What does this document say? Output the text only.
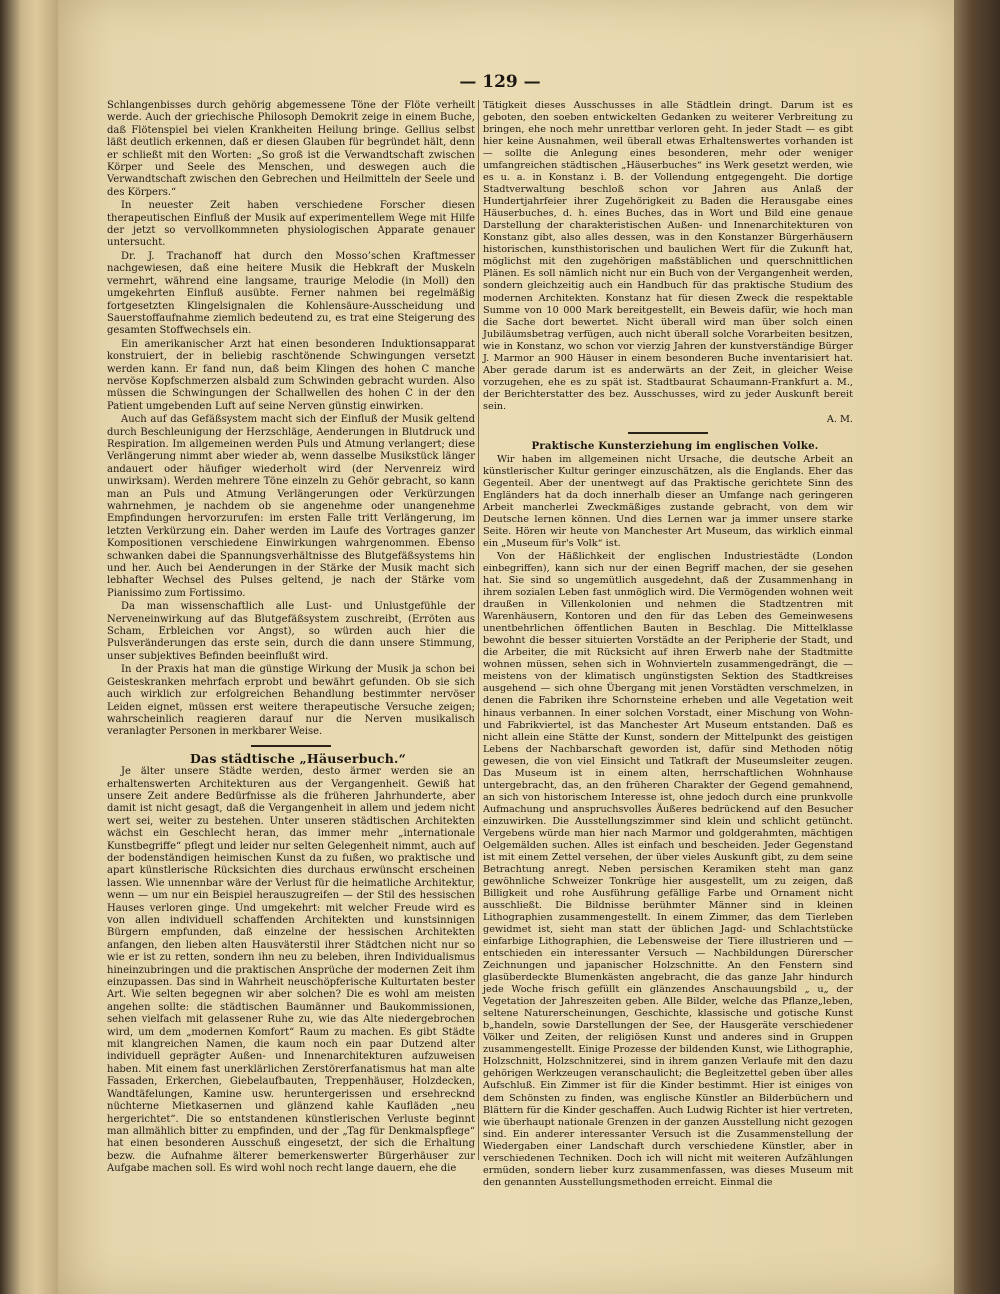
— 129 —

Schlangenbisses durch gehörig abgemessene Töne der Flöte verheilt werde. Auch der griechische Philosoph Demokrit zeige in einem Buche, daß Flötenspiel bei vielen Krankheiten Heilung bringe. Gellius selbst läßt deutlich erkennen, daß er diesen Glauben für begründet hält, denn er schließt mit den Worten: „So groß ist die Verwandtschaft zwischen Körper und Seele des Menschen, und deswegen auch die Verwandtschaft zwischen den Gebrechen und Heilmitteln der Seele und des Körpers.“

In neuester Zeit haben verschiedene Forscher diesen therapeutischen Einfluß der Musik auf experimentellem Wege mit Hilfe der jetzt so vervollkommneten physiologischen Apparate genauer untersucht.

Dr. J. Trachanoff hat durch den Mosso’schen Kraftmesser nachgewiesen, daß eine heitere Musik die Hebkraft der Muskeln vermehrt, während eine langsame, traurige Melodie (in Moll) den umgekehrten Einfluß ausübte. Ferner nahmen bei regelmäßig fortgesetzten Klingelsignalen die Kohlensäure-Ausscheidung und Sauerstoffaufnahme ziemlich bedeutend zu, es trat eine Steigerung des gesamten Stoffwechsels ein.

Ein amerikanischer Arzt hat einen besonderen Induktionsapparat konstruiert, der in beliebig raschtönende Schwingungen versetzt werden kann. Er fand nun, daß beim Klingen des hohen C manche nervöse Kopfschmerzen alsbald zum Schwinden gebracht wurden. Also müssen die Schwingungen der Schallwellen des hohen C in der den Patient umgebenden Luft auf seine Nerven günstig einwirken.

Auch auf das Gefäßsystem macht sich der Einfluß der Musik geltend durch Beschleunigung der Herzschläge, Aenderungen in Blutdruck und Respiration. Im allgemeinen werden Puls und Atmung verlangert; diese Verlängerung nimmt aber wieder ab, wenn dasselbe Musikstück länger andauert oder häufiger wiederholt wird (der Nervenreiz wird unwirksam). Werden mehrere Töne einzeln zu Gehör gebracht, so kann man an Puls und Atmung Verlängerungen oder Verkürzungen wahrnehmen, je nachdem ob sie angenehme oder unangenehme Empfindungen hervorzurufen: im ersten Falle tritt Verlängerung, im letzten Verkürzung ein. Daher werden im Laufe des Vortrages ganzer Kompositionen verschiedene Einwirkungen wahrgenommen. Ebenso schwanken dabei die Spannungsverhältnisse des Blutgefäßsystems hin und her. Auch bei Aenderungen in der Stärke der Musik macht sich lebhafter Wechsel des Pulses geltend, je nach der Stärke vom Pianissimo zum Fortissimo.

Da man wissenschaftlich alle Lust- und Unlustgefühle der Nerveneinwirkung auf das Blutgefäßsystem zuschreibt, (Erröten aus Scham, Erbleichen vor Angst), so würden auch hier die Pulsveränderungen das erste sein, durch die dann unsere Stimmung, unser subjektives Befinden beeinflußt wird.

In der Praxis hat man die günstige Wirkung der Musik ja schon bei Geisteskranken mehrfach erprobt und bewährt gefunden. Ob sie sich auch wirklich zur erfolgreichen Behandlung bestimmter nervöser Leiden eignet, müssen erst weitere therapeutische Versuche zeigen; wahrscheinlich reagieren darauf nur die Nerven musikalisch veranlagter Personen in merkbarer Weise.

Das städtische „Häuserbuch.“

Je älter unsere Städte werden, desto ärmer werden sie an erhaltenswerten Architekturen aus der Vergangenheit. Gewiß hat unsere Zeit andere Bedürfnisse als die früheren Jahrhunderte, aber damit ist nicht gesagt, daß die Vergangenheit in allem und jedem nicht wert sei, weiter zu bestehen. Unter unseren städtischen Architekten wächst ein Geschlecht heran, das immer mehr „internationale Kunstbegriffe“ pflegt und leider nur selten Gelegenheit nimmt, auch auf der bodenständigen heimischen Kunst da zu fußen, wo praktische und apart künstlerische Rücksichten dies durchaus erwünscht erscheinen lassen. Wie unnennbar wäre der Verlust für die heimatliche Architektur, wenn — um nur ein Beispiel herauszugreifen — der Stil des hessischen Hauses verloren ginge. Und umgekehrt: mit welcher Freude wird es von allen individuell schaffenden Architekten und kunstsinnigen Bürgern empfunden, daß einzelne der hessischen Architekten anfangen, den lieben alten Hausväterstil ihrer Städtchen nicht nur so wie er ist zu retten, sondern ihn neu zu beleben, ihren Individualismus hineinzubringen und die praktischen Ansprüche der modernen Zeit ihm einzupassen. Das sind in Wahrheit neuschöpferische Kulturtaten bester Art. Wie selten begegnen wir aber solchen? Die es wohl am meisten angehen sollte: die städtischen Baumänner und Baukommissionen, sehen vielfach mit gelassener Ruhe zu, wie das Alte niedergebrochen wird, um dem „modernen Komfort“ Raum zu machen. Es gibt Städte mit klangreichen Namen, die kaum noch ein paar Dutzend alter individuell geprägter Außen- und Innenarchitekturen aufzuweisen haben. Mit einem fast unerklärlichen Zerstörerfanatismus hat man alte Fassaden, Erkerchen, Giebelaufbauten, Treppenhäuser, Holzdecken, Wandtäfelungen, Kamine usw. heruntergerissen und ersehrecknd nüchterne Mietkasernen und glänzend kahle Kaufläden „neu hergerichtet“. Die so entstandenen künstlerischen Verluste beginnt man allmählich bitter zu empfinden, und der „Tag für Denkmalspflege“ hat einen besonderen Ausschuß eingesetzt, der sich die Erhaltung bezw. die Aufnahme älterer bemerkenswerter Bürgerhäuser zur Aufgabe machen soll. Es wird wohl noch recht lange dauern, ehe die

Tätigkeit dieses Ausschusses in alle Städtlein dringt. Darum ist es geboten, den soeben entwickelten Gedanken zu weiterer Verbreitung zu bringen, ehe noch mehr unrettbar verloren geht. In jeder Stadt — es gibt hier keine Ausnahmen, weil überall etwas Erhaltenswertes vorhanden ist — sollte die Anlegung eines besonderen, mehr oder weniger umfangreichen städtischen „Häuserbuches“ ins Werk gesetzt werden, wie es u. a. in Konstanz i. B. der Vollendung entgegengeht. Die dortige Stadtverwaltung beschloß schon vor Jahren aus Anlaß der Hundertjahrfeier ihrer Zugehörigkeit zu Baden die Herausgabe eines Häuserbuches, d. h. eines Buches, das in Wort und Bild eine genaue Darstellung der charakteristischen Außen- und Innenarchitekturen von Konstanz gibt, also alles dessen, was in den Konstanzer Bürgerhäusern historischen, kunsthistorischen und baulichen Wert für die Zukunft hat, möglichst mit den zugehörigen maßstäblichen und querschnittlichen Plänen. Es soll nämlich nicht nur ein Buch von der Vergangenheit werden, sondern gleichzeitig auch ein Handbuch für das praktische Studium des modernen Architekten. Konstanz hat für diesen Zweck die respektable Summe von 10 000 Mark bereitgestellt, ein Beweis dafür, wie hoch man die Sache dort bewertet. Nicht überall wird man über solch einen Jubiläumsbetrag verfügen, auch nicht überall solche Vorarbeiten besitzen, wie in Konstanz, wo schon vor vierzig Jahren der kunstverständige Bürger J. Marmor an 900 Häuser in einem besonderen Buche inventarisiert hat. Aber gerade darum ist es anderwärts an der Zeit, in gleicher Weise vorzugehen, ehe es zu spät ist. Stadtbaurat Schaumann-Frankfurt a. M., der Berichterstatter des bez. Ausschusses, wird zu jeder Auskunft bereit sein.

A. M.

Praktische Kunsterziehung im englischen Volke.

Wir haben im allgemeinen nicht Ursache, die deutsche Arbeit an künstlerischer Kultur geringer einzuschätzen, als die Englands. Eher das Gegenteil. Aber der unentwegt auf das Praktische gerichtete Sinn des Engländers hat da doch innerhalb dieser an Umfange nach geringeren Arbeit mancherlei Zweckmäßiges zustande gebracht, von dem wir Deutsche lernen können. Und dies Lernen war ja immer unsere starke Seite. Hören wir heute von Manchester Art Museum, das wirklich einmal ein „Museum für's Volk“ ist.

Von der Häßlichkeit der englischen Industriestädte (London einbegriffen), kann sich nur der einen Begriff machen, der sie gesehen hat. Sie sind so ungemütlich ausgedehnt, daß der Zusammenhang in ihrem sozialen Leben fast unmöglich wird. Die Vermögenden wohnen weit draußen in Villenkolonien und nehmen die Stadtzentren mit Warenhäusern, Kontoren und den für das Leben des Gemeinwesens unentbehrlichen öffentlichen Bauten in Beschlag. Die Mittelklasse bewohnt die besser situierten Vorstädte an der Peripherie der Stadt, und die Arbeiter, die mit Rücksicht auf ihren Erwerb nahe der Stadtmitte wohnen müssen, sehen sich in Wohnvierteln zusammengedrängt, die — meistens von der klimatisch ungünstigsten Sektion des Stadtkreises ausgehend — sich ohne Übergang mit jenen Vorstädten verschmelzen, in denen die Fabriken ihre Schornsteine erheben und alle Vegetation weit hinaus verbannen. In einer solchen Vorstadt, einer Mischung von Wohn- und Fabrikviertel, ist das Manchester Art Museum entstanden. Daß es nicht allein eine Stätte der Kunst, sondern der Mittelpunkt des geistigen Lebens der Nachbarschaft geworden ist, dafür sind Methoden nötig gewesen, die von viel Einsicht und Tatkraft der Museumsleiter zeugen. Das Museum ist in einem alten, herrschaftlichen Wohnhause untergebracht, das, an den früheren Charakter der Gegend gemahnend, an sich von historischem Interesse ist, ohne jedoch durch eine prunkvolle Aufmachung und anspruchsvolles Äußeres bedrückend auf den Besucher einzuwirken. Die Ausstellungszimmer sind klein und schlicht getüncht. Vergebens würde man hier nach Marmor und goldgerahmten, mächtigen Oelgemälden suchen. Alles ist einfach und bescheiden. Jeder Gegenstand ist mit einem Zettel versehen, der über vieles Auskunft gibt, zu dem seine Betrachtung anregt. Neben persischen Keramiken steht man ganz gewöhnliche Schweizer Tonkrüge hier ausgestellt, um zu zeigen, daß Billigkeit und rohe Ausführung gefällige Farbe und Ornament nicht ausschließt. Die Bildnisse berühmter Männer sind in kleinen Lithographien zusammengestellt. In einem Zimmer, das dem Tierleben gewidmet ist, sieht man statt der üblichen Jagd- und Schlachtstücke einfarbige Lithographien, die Lebensweise der Tiere illustrieren und — entschieden ein interessanter Versuch — Nachbildungen Dürerscher Zeichnungen und japanischer Holzschnitte. An den Fenstern sind glasüberdeckte Blumenkästen angebracht, die das ganze Jahr hindurch jede Woche frisch gefüllt ein glänzendes Anschauungsbild „ u„ der Vegetation der Jahreszeiten geben. Alle Bilder, welche das Pflanze„leben, seltene Naturerscheinungen, Geschichte, klassische und gotische Kunst b„handeln, sowie Darstellungen der See, der Hausgeräte verschiedener Völker und Zeiten, der religiösen Kunst und anderes sind in Gruppen zusammengestellt. Einige Prozesse der bildenden Kunst, wie Lithographie, Holzschnitt, Holzschnitzerei, sind in ihrem ganzen Verlaufe mit den dazu gehörigen Werkzeugen veranschaulicht; die Begleitzettel geben über alles Aufschluß. Ein Zimmer ist für die Kinder bestimmt. Hier ist einiges von dem Schönsten zu finden, was englische Künstler an Bilderbüchern und Blättern für die Kinder geschaffen. Auch Ludwig Richter ist hier vertreten, wie überhaupt nationale Grenzen in der ganzen Ausstellung nicht gezogen sind. Ein anderer interessanter Versuch ist die Zusammenstellung der Wiedergaben einer Landschaft durch verschiedene Künstler, aber in verschiedenen Techniken. Doch ich will nicht mit weiteren Aufzählungen ermüden, sondern lieber kurz zusammenfassen, was dieses Museum mit den genannten Ausstellungsmethoden erreicht. Einmal die
